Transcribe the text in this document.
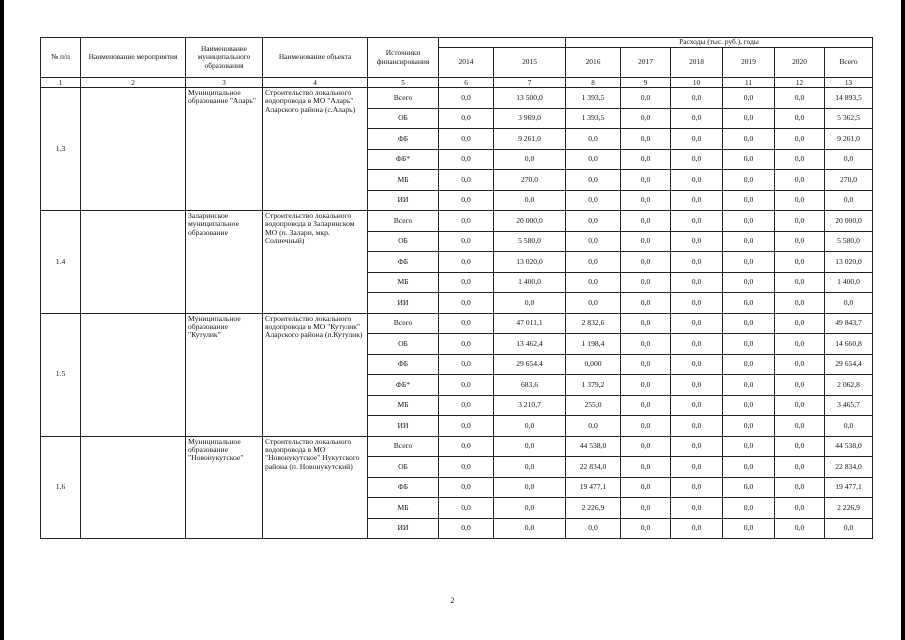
№ п/п	Наименование мероприятия	Наименование муниципального образования	Наименование объекта	Источники финансирования			Расходы (тыс. руб.), годы					
					2014	2015	2016	2017	2018	2019	2020	Всего
1	2	3	4	5	6	7	8	9	10	11	12	13
1.3		Муниципальное образование "Аларь"	Строительство локального водопровода в МО "Аларь" Аларского района (с.Аларь)	Всего	0,0	13 500,0	1 393,5	0,0	0,0	0,0	0,0	14 893,5
				ОБ	0,0	3 969,0	1 393,5	0,0	0,0	0,0	0,0	5 362,5
				ФБ	0,0	9 261,0	0,0	0,0	0,0	0,0	0,0	9 261,0
				ФБ*	0,0	0,0	0,0	0,0	0,0	0,0	0,0	0,0
				МБ	0,0	270,0	0,0	0,0	0,0	0,0	0,0	270,0
				ИИ	0,0	0,0	0,0	0,0	0,0	0,0	0,0	0,0
1.4		Заларинское муниципальное образование	Строительство локального водопровода в Заларинском МО (п. Залари, мкр. Солнечный)	Всего	0,0	20 000,0	0,0	0,0	0,0	0,0	0,0	20 000,0
				ОБ	0,0	5 580,0	0,0	0,0	0,0	0,0	0,0	5 580,0
				ФБ	0,0	13 020,0	0,0	0,0	0,0	0,0	0,0	13 020,0
				МБ	0,0	1 400,0	0,0	0,0	0,0	0,0	0,0	1 400,0
				ИИ	0,0	0,0	0,0	0,0	0,0	0,0	0,0	0,0
1.5		Муниципальное образование "Кутулик"	Строительство локального водопровода в МО "Кутулик" Аларского района (п.Кутулик)	Всего	0,0	47 011,1	2 832,6	0,0	0,0	0,0	0,0	49 843,7
				ОБ	0,0	13 462,4	1 198,4	0,0	0,0	0,0	0,0	14 660,8
				ФБ	0,0	29 654,4	0,000	0,0	0,0	0,0	0,0	29 654,4
				ФБ*	0,0	683,6	1 379,2	0,0	0,0	0,0	0,0	2 062,8
				МБ	0,0	3 210,7	255,0	0,0	0,0	0,0	0,0	3 465,7
				ИИ	0,0	0,0	0,0	0,0	0,0	0,0	0,0	0,0
1.6		Муниципальное образование "Новонукутское"	Строительство локального водопровода в МО "Новонукутское" Нукутского района (п. Новонукутский)	Всего	0,0	0,0	44 538,0	0,0	0,0	0,0	0,0	44 538,0
				ОБ	0,0	0,0	22 834,0	0,0	0,0	0,0	0,0	22 834,0
				ФБ	0,0	0,0	19 477,1	0,0	0,0	0,0	0,0	19 477,1
				МБ	0,0	0,0	2 226,9	0,0	0,0	0,0	0,0	2 226,9
				ИИ	0,0	0,0	0,0	0,0	0,0	0,0	0,0	0,0
2
